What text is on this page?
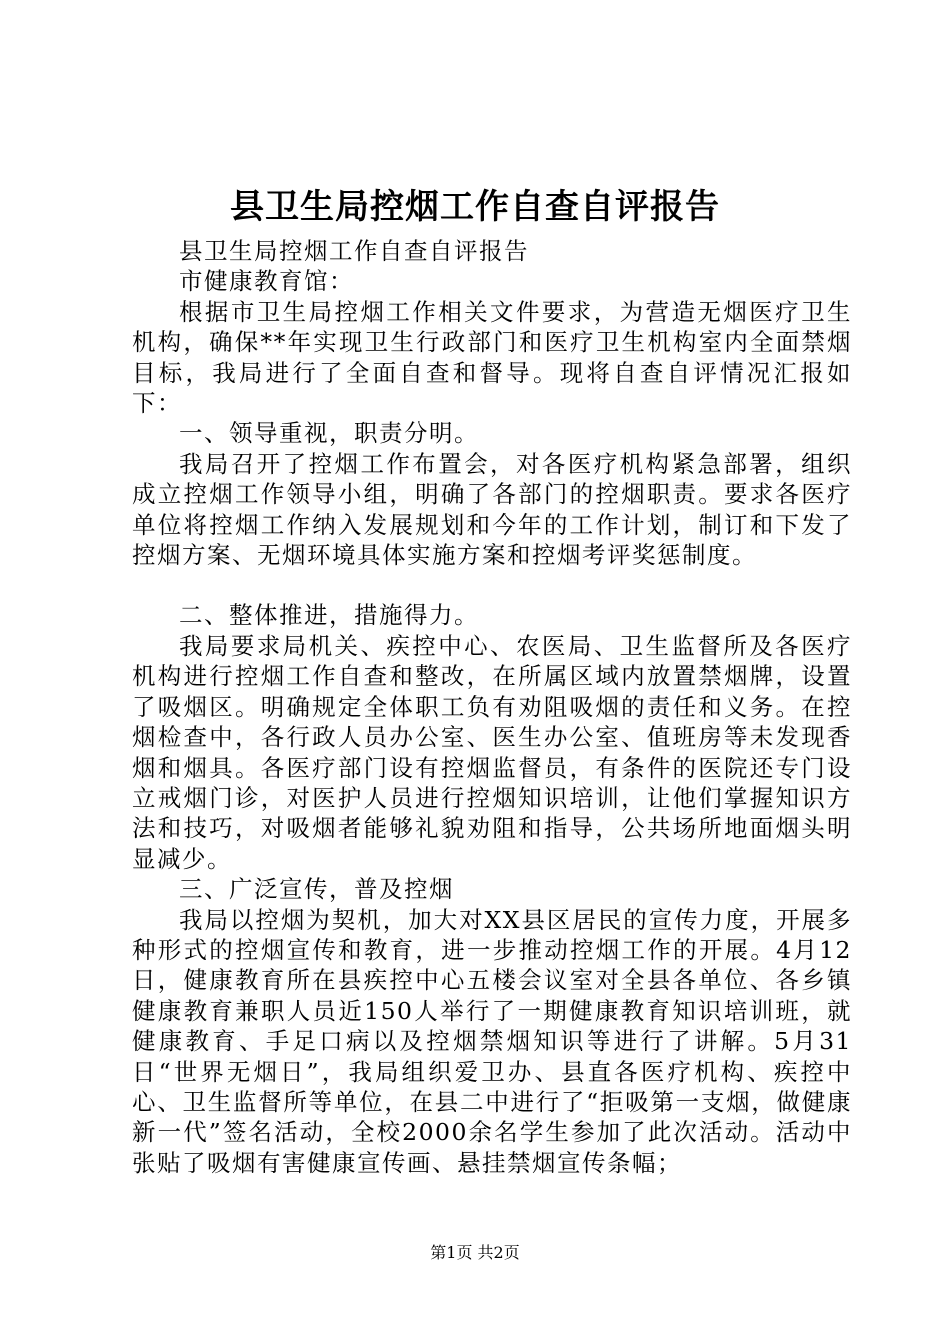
县卫生局控烟工作自查自评报告

县卫生局控烟工作自查自评报告

市健康教育馆：

根据市卫生局控烟工作相关文件要求，为营造无烟医疗卫生机构，确保**年实现卫生行政部门和医疗卫生机构室内全面禁烟目标，我局进行了全面自查和督导。现将自查自评情况汇报如下：

一、领导重视，职责分明。

我局召开了控烟工作布置会，对各医疗机构紧急部署，组织成立控烟工作领导小组，明确了各部门的控烟职责。要求各医疗单位将控烟工作纳入发展规划和今年的工作计划，制订和下发了控烟方案、无烟环境具体实施方案和控烟考评奖惩制度。

二、整体推进，措施得力。

我局要求局机关、疾控中心、农医局、卫生监督所及各医疗机构进行控烟工作自查和整改，在所属区域内放置禁烟牌，设置了吸烟区。明确规定全体职工负有劝阻吸烟的责任和义务。在控烟检查中，各行政人员办公室、医生办公室、值班房等未发现香烟和烟具。各医疗部门设有控烟监督员，有条件的医院还专门设立戒烟门诊，对医护人员进行控烟知识培训，让他们掌握知识方法和技巧，对吸烟者能够礼貌劝阻和指导，公共场所地面烟头明显减少。

三、广泛宣传，普及控烟

我局以控烟为契机，加大对XX县区居民的宣传力度，开展多种形式的控烟宣传和教育，进一步推动控烟工作的开展。4月12日，健康教育所在县疾控中心五楼会议室对全县各单位、各乡镇健康教育兼职人员近150人举行了一期健康教育知识培训班，就健康教育、手足口病以及控烟禁烟知识等进行了讲解。5月31日“世界无烟日”，我局组织爱卫办、县直各医疗机构、疾控中心、卫生监督所等单位，在县二中进行了“拒吸第一支烟，做健康新一代”签名活动，全校2000余名学生参加了此次活动。活动中张贴了吸烟有害健康宣传画、悬挂禁烟宣传条幅；

第1页 共2页
